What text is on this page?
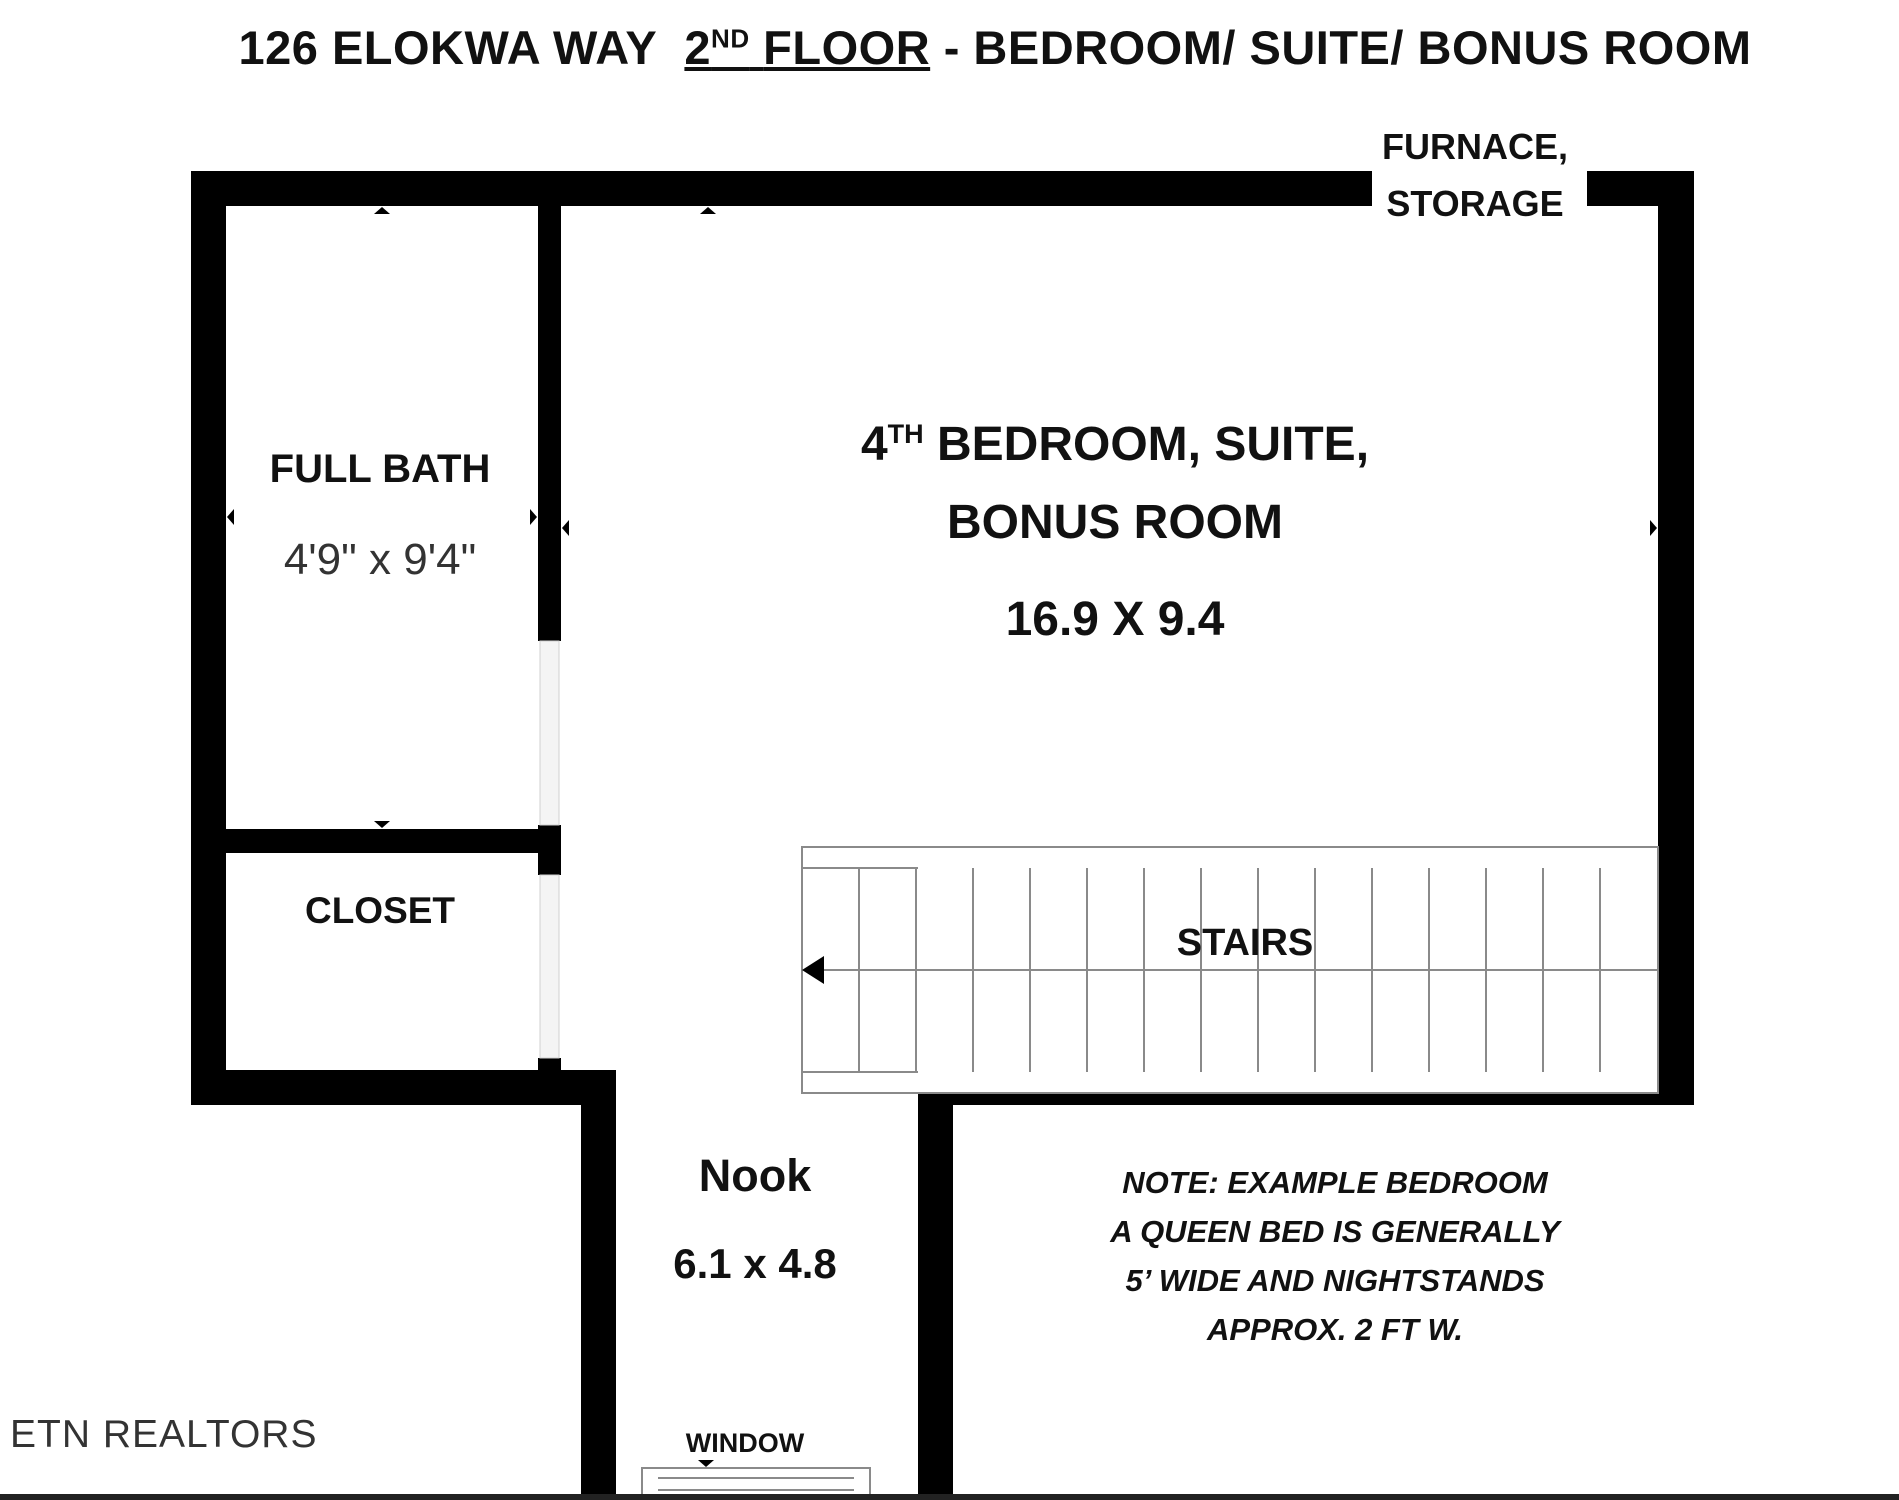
126 ELOKWA WAY 2ND FLOOR - BEDROOM/ SUITE/ BONUS ROOM
FURNACE,
STORAGE
FULL BATH
4'9" x 9'4"
4TH BEDROOM, SUITE,
BONUS ROOM
16.9 X 9.4
CLOSET
STAIRS
Nook
6.1 x 4.8
WINDOW
NOTE: EXAMPLE BEDROOM
A QUEEN BED IS GENERALLY
5’ WIDE AND NIGHTSTANDS
APPROX. 2 FT W.
ETN REALTORS
